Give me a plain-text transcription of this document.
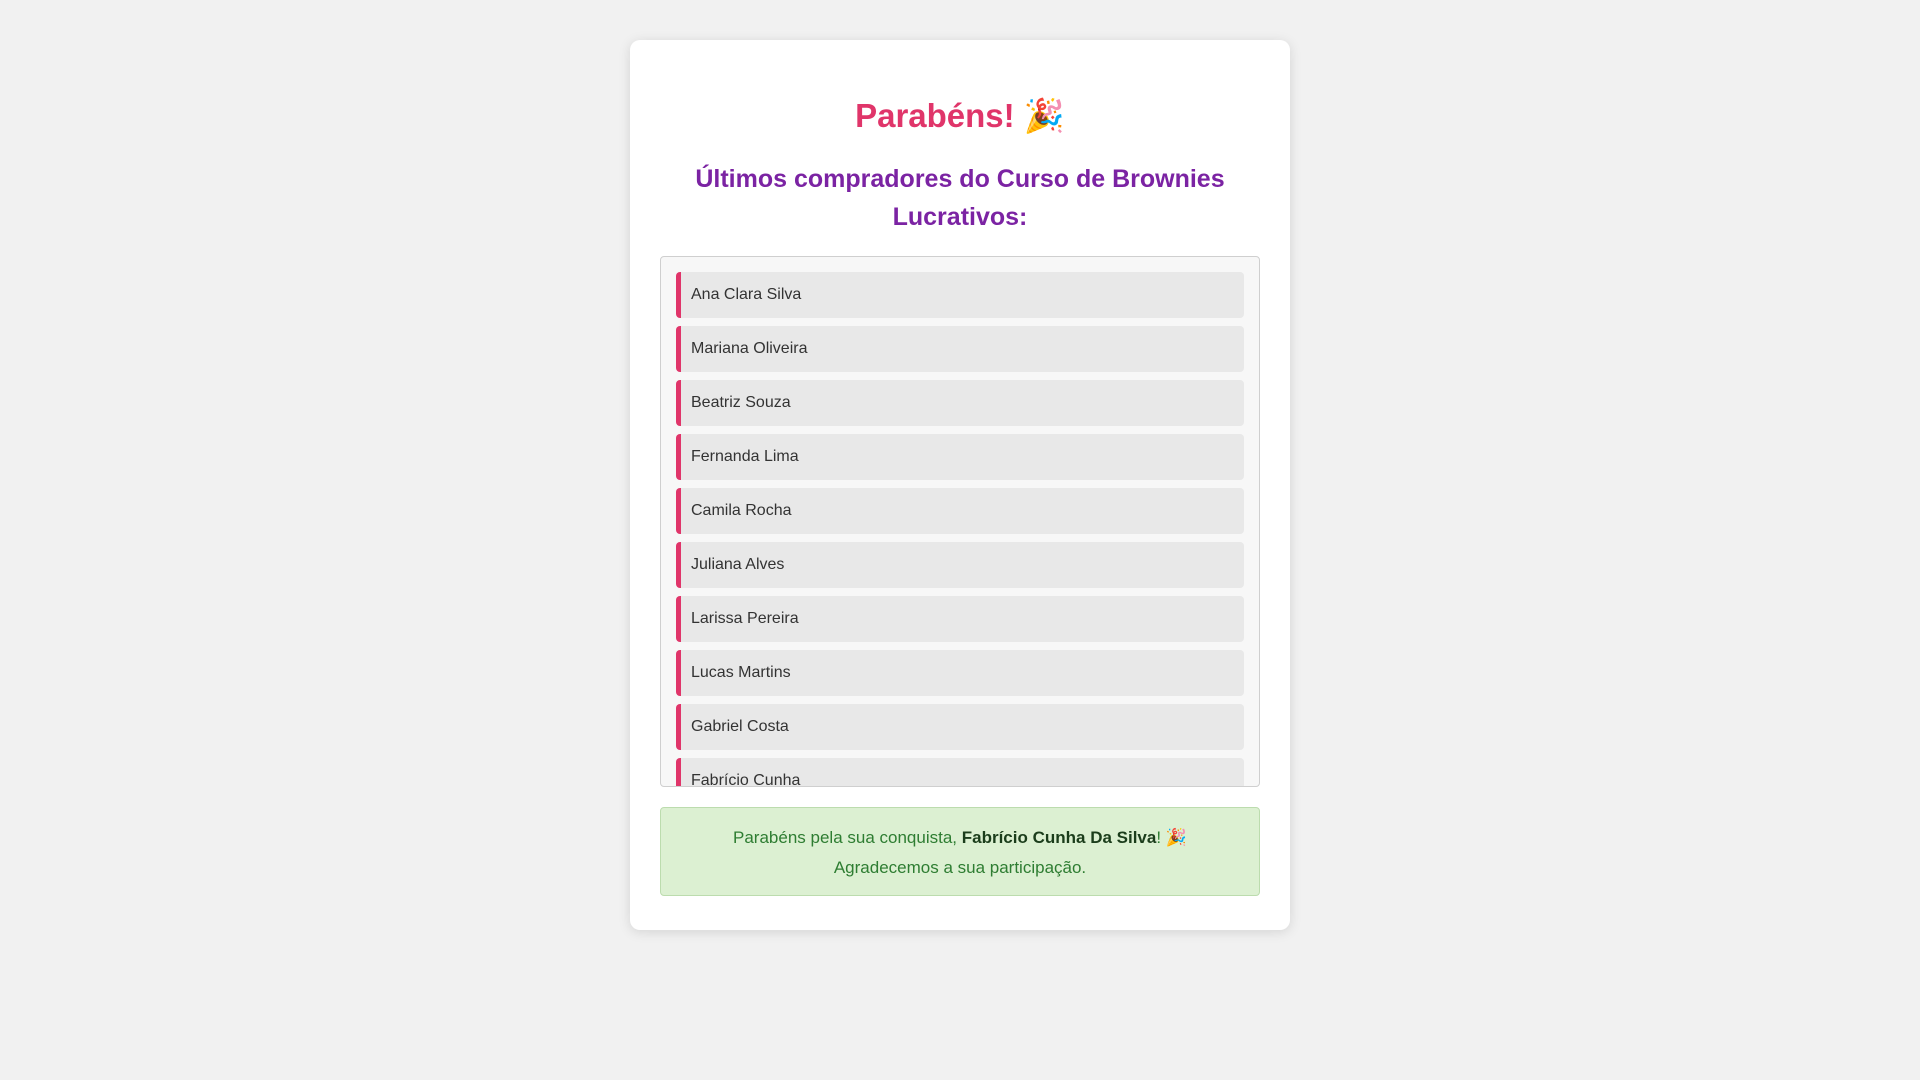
Parabéns! 🎉
Últimos compradores do Curso de Brownies Lucrativos:
Ana Clara Silva
Mariana Oliveira
Beatriz Souza
Fernanda Lima
Camila Rocha
Juliana Alves
Larissa Pereira
Lucas Martins
Gabriel Costa
Fabrício Cunha
Parabéns pela sua conquista, Fabrício Cunha Da Silva! 🎉
Agradecemos a sua participação.
